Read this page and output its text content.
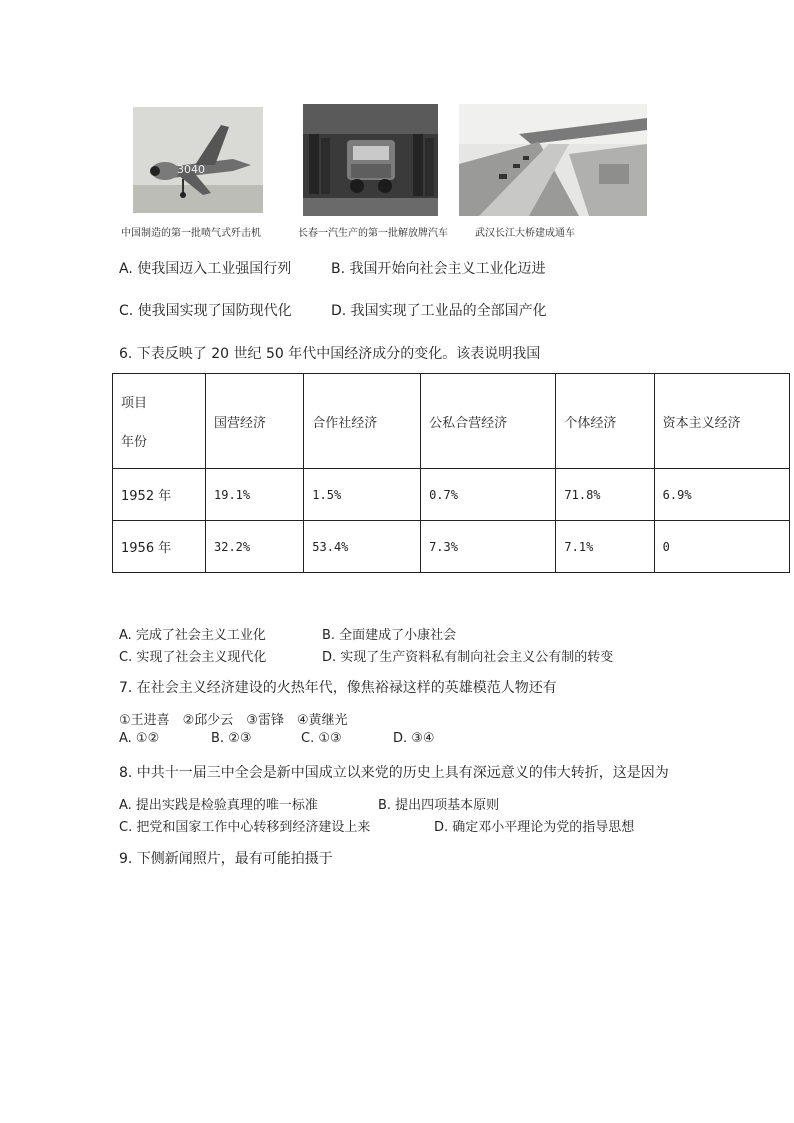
3040
中国制造的第一批喷气式歼击机	长春一汽生产的第一批解放牌汽车	武汉长江大桥建成通车
A. 使我国迈入工业强国行列	B. 我国开始向社会主义工业化迈进
C. 使我国实现了国防现代化	D. 我国实现了工业品的全部国产化
6. 下表反映了 20 世纪 50 年代中国经济成分的变化。该表说明我国
项目
年份	国营经济	合作社经济	公私合营经济	个体经济	资本主义经济
1952 年	19.1%	1.5%	0.7%	71.8%	6.9%
1956 年	32.2%	53.4%	7.3%	7.1%	0
A. 完成了社会主义工业化	B. 全面建成了小康社会
C. 实现了社会主义现代化	D. 实现了生产资料私有制向社会主义公有制的转变
7. 在社会主义经济建设的火热年代，像焦裕禄这样的英雄模范人物还有
①王进喜　②邱少云　③雷锋　④黄继光
A. ①②	B. ②③	C. ①③	D. ③④
8. 中共十一届三中全会是新中国成立以来党的历史上具有深远意义的伟大转折，这是因为
A. 提出实践是检验真理的唯一标准	B. 提出四项基本原则
C. 把党和国家工作中心转移到经济建设上来	D. 确定邓小平理论为党的指导思想
9. 下侧新闻照片，最有可能拍摄于
